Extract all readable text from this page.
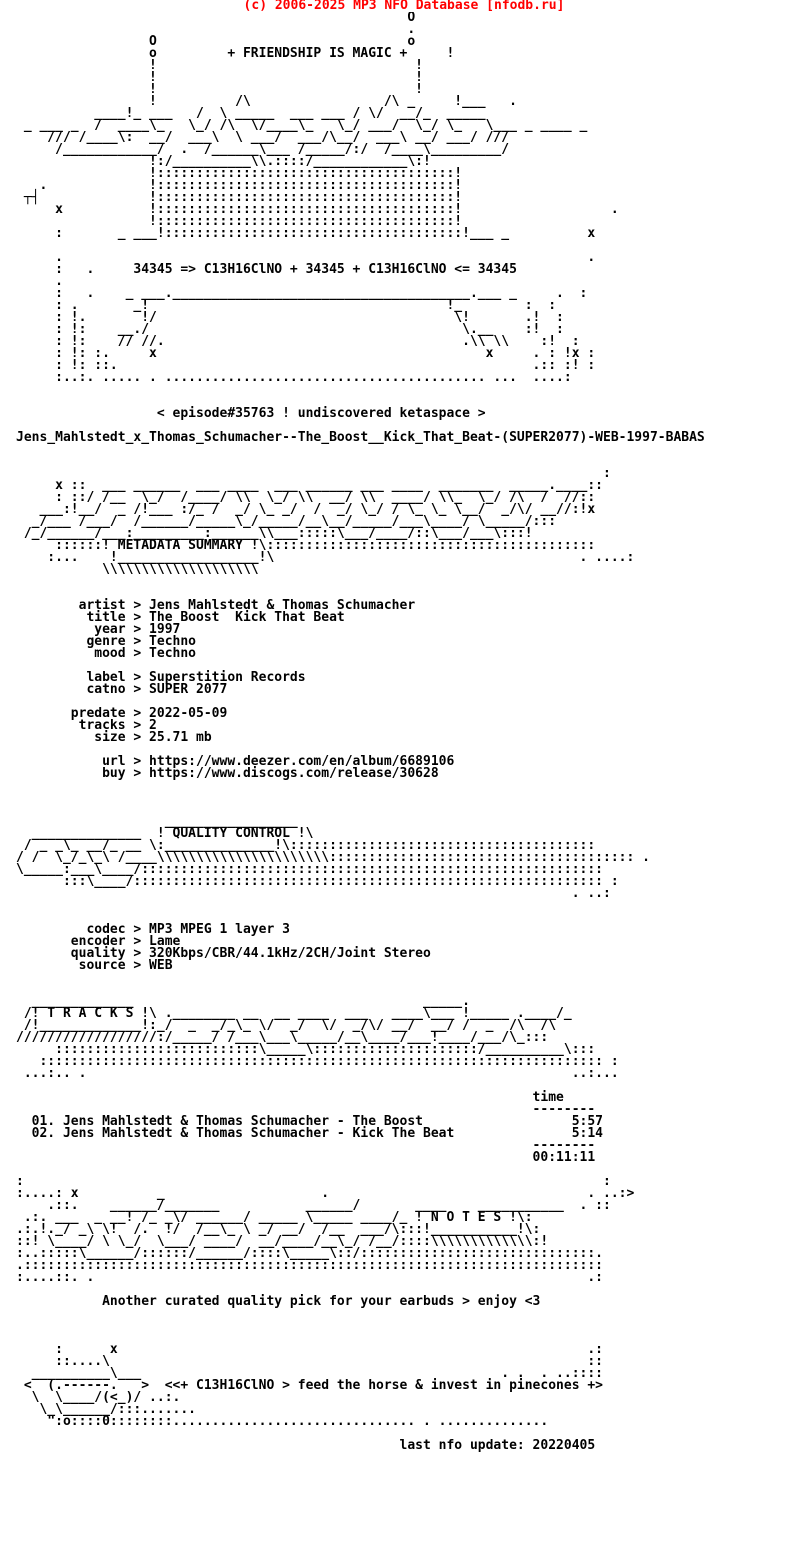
(c) 2006-2025 MP3 NFO Database [nfodb.ru]
O
.
O                                o
o         + FRIENDSHIP IS MAGIC +     !
!                                 !
!                                 !
!                                 !
!          /\                 /\ _     !___   .
____!_ ___   /  \ _____  ___ ___ / \/  __/_  _____
_ ___ _  /  ____\_   \_/ /\  \/____\_   \_/ ___/  \_/ \_   \___ _ ____ _
/// /____\:  __/  ___\  \ ___/  ___/\__/  ___\ __/ ___/ ///
/____________/  .  /______\___ /_____/:/  /____\_________/
!:/__________\\.::::/____________\:!
!::::::::::::::::::::::::::::::::::::::!
.             !::::::::::::::::::::::::::::::::::::::!
┬┤              !::::::::::::::::::::::::::::::::::::::!
x           !::::::::::::::::::::::::::::::::::::::!                   .
!::::::::::::::::::::::::::::::::::::::!
:       _ ___!::::::::::::::::::::::::::::::::::::::!___ _          x

.                                                                   .
:   .     34345 => C13H16ClNO + 34345 + C13H16ClNO <= 34345
.
:   .    _ ___.______________________________________.___ _     .  :
: .       _!                                      !_        :  :
: !.       !/                                      \!       .!  :
: !:    __./                                        \.__    :!  :
: !:    // //.                                      .\\ \\    :!  :
: !: :.     x                                          x     . : !x :
: !: ::.                                                     .:: :! :
:..:. ..... . ......................................... ...  ....:

< episode#35763 ! undiscovered ketaspace >

Jens_Mahlstedt_x_Thomas_Schumacher--The_Boost__Kick_That_Beat-(SUPER2077)-WEB-1997-BABAS

:
x ::  ___ ______  ___ ____  ___ ______ ___ ____  _______  _____.____::
: ::/ /__  \_/  /____/ \\  \_/ \\  __/ \\  ____/ \\_  \_/ /\  /  //::
___:!__/  _ /!___ :/_ /  _/ \_ _/  /  _/ \_/ / \_ \_ \__/  _/\/ __//:!x
_/___ /___/  /______/_____\_/_____/__\__/_____/___\____/ \_____/:::
/_/______/___:_________:______\\___:::::\___/____/::\___/___\:::!
::::::! METADATA SUMMARY !\::::::::::::::::::::::::::::::::::::::::::
:...    !__________________!\                                       . ....:
\\\\\\\\\\\\\\\\\\\\

artist > Jens Mahlstedt & Thomas Schumacher
title > The Boost  Kick That Beat
year > 1997
genre > Techno
mood > Techno

label > Superstition Records
catno > SUPER 2077

predate > 2022-05-09
tracks > 2
size > 25.71 mb

url > https://www.deezer.com/en/album/6689106
buy > https://www.discogs.com/release/30628

_________________
______________  ! QUALITY CONTROL !\
/ _ _\_ __/_ __ \:______________!\:::::::::::::::::::::::::::::::::::::::
/ /  \_/_\_\ /____\\\\\\\\\\\\\\\\\\\\\\::::::::::::::::::::::::::::::::::::::: .
\_____:___\____/:::::::::::::::::::::::::::::::::::::::::::::::::::::::::::
:::\____/:::::::::::::::::::::::::::::::::::::::::::::::::::::::::::: :
. ..:

codec > MP3 MPEG 1 layer 3
encoder > Lame
quality > 320Kbps/CBR/44.1kHz/2CH/Joint Stereo
source > WEB

_____________                                     _____.
/! T R A C K S !\ .________ __  __ ____  ___   ____\___ !_____ .____/_
/!_____________!:_/  _  _/_\_ \/  _/  \/  _/\/ __/  __/ /  _  /\  /\
//////////////////:/_____/ /___\___\_____/__\____/___!____/___/\_:::
::::::::::::::::::::::::::\_____\:::::::::::::::::::::/__________\:::
:::::::::::::::::::::::::::::::::::::::::::::::::::::::::::::::::::::::: :
...:.. .                                                              ..:...

time
--------
01. Jens Mahlstedt & Thomas Schumacher - The Boost                   5:57
02. Jens Mahlstedt & Thomas Schumacher - Kick The Beat               5:14
--------
00:11:11

:                                                                          :
:....: x          _                    .                                 . ..:>
.::.    ______/_______           ______/       ____    ___________  . ::
.:. ___  _ __! /_ _\/ ______/ _____ \_____ ____/_ ! N O T E S !\:
.:.!._/ _\ \!  /.  !/  /__\_ \ _/ __/  /__  ___/\:::!___________!\:
::! \____/ \ \_/  \___/ ____/  __/____/__\_/ /__/::::\\\\\\\\\\\\\:!
:..:::::\______/::::::/______/::::\_____\::/::::::::::::::::::::::::::::::.
.::::::::::::::::::::::::::::::::::::::::::::::::::::::::::::::::::::::::::
:....::. .                                                               .:

Another curated quality pick for your earbuds > enjoy <3

:      x                                                            .:
::....\                                                             ::
__________\___                                              . .  . ..::::
<  (.------.   >  <<+ C13H16ClNO > feed the horse & invest in pinecones +>
\  \____/(<_)/ ..:.
\_\______/:::.......
":o::::0::::::::............................... . ..............

last nfo update: 20220405
